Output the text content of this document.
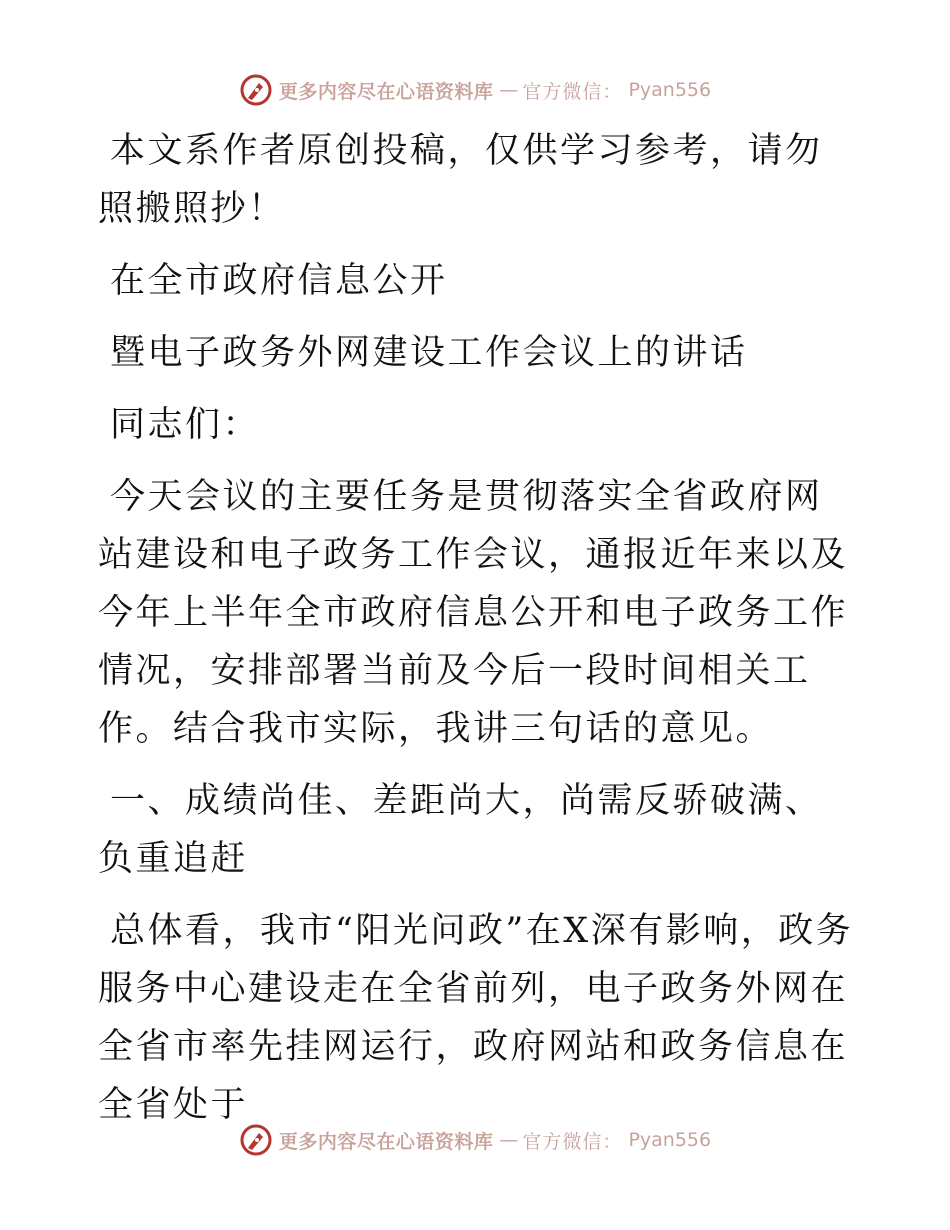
更多内容尽在心语资料库 — 官方微信： Pyan556

本文系作者原创投稿，仅供学习参考，请勿照搬照抄！

在全市政府信息公开

暨电子政务外网建设工作会议上的讲话

同志们：

今天会议的主要任务是贯彻落实全省政府网站建设和电子政务工作会议，通报近年来以及今年上半年全市政府信息公开和电子政务工作情况，安排部署当前及今后一段时间相关工作。结合我市实际，我讲三句话的意见。

一、成绩尚佳、差距尚大，尚需反骄破满、负重追赶

总体看，我市“阳光问政”在X深有影响，政务服务中心建设走在全省前列，电子政务外网在全省市率先挂网运行，政府网站和政务信息在全省处于

更多内容尽在心语资料库 — 官方微信： Pyan556
